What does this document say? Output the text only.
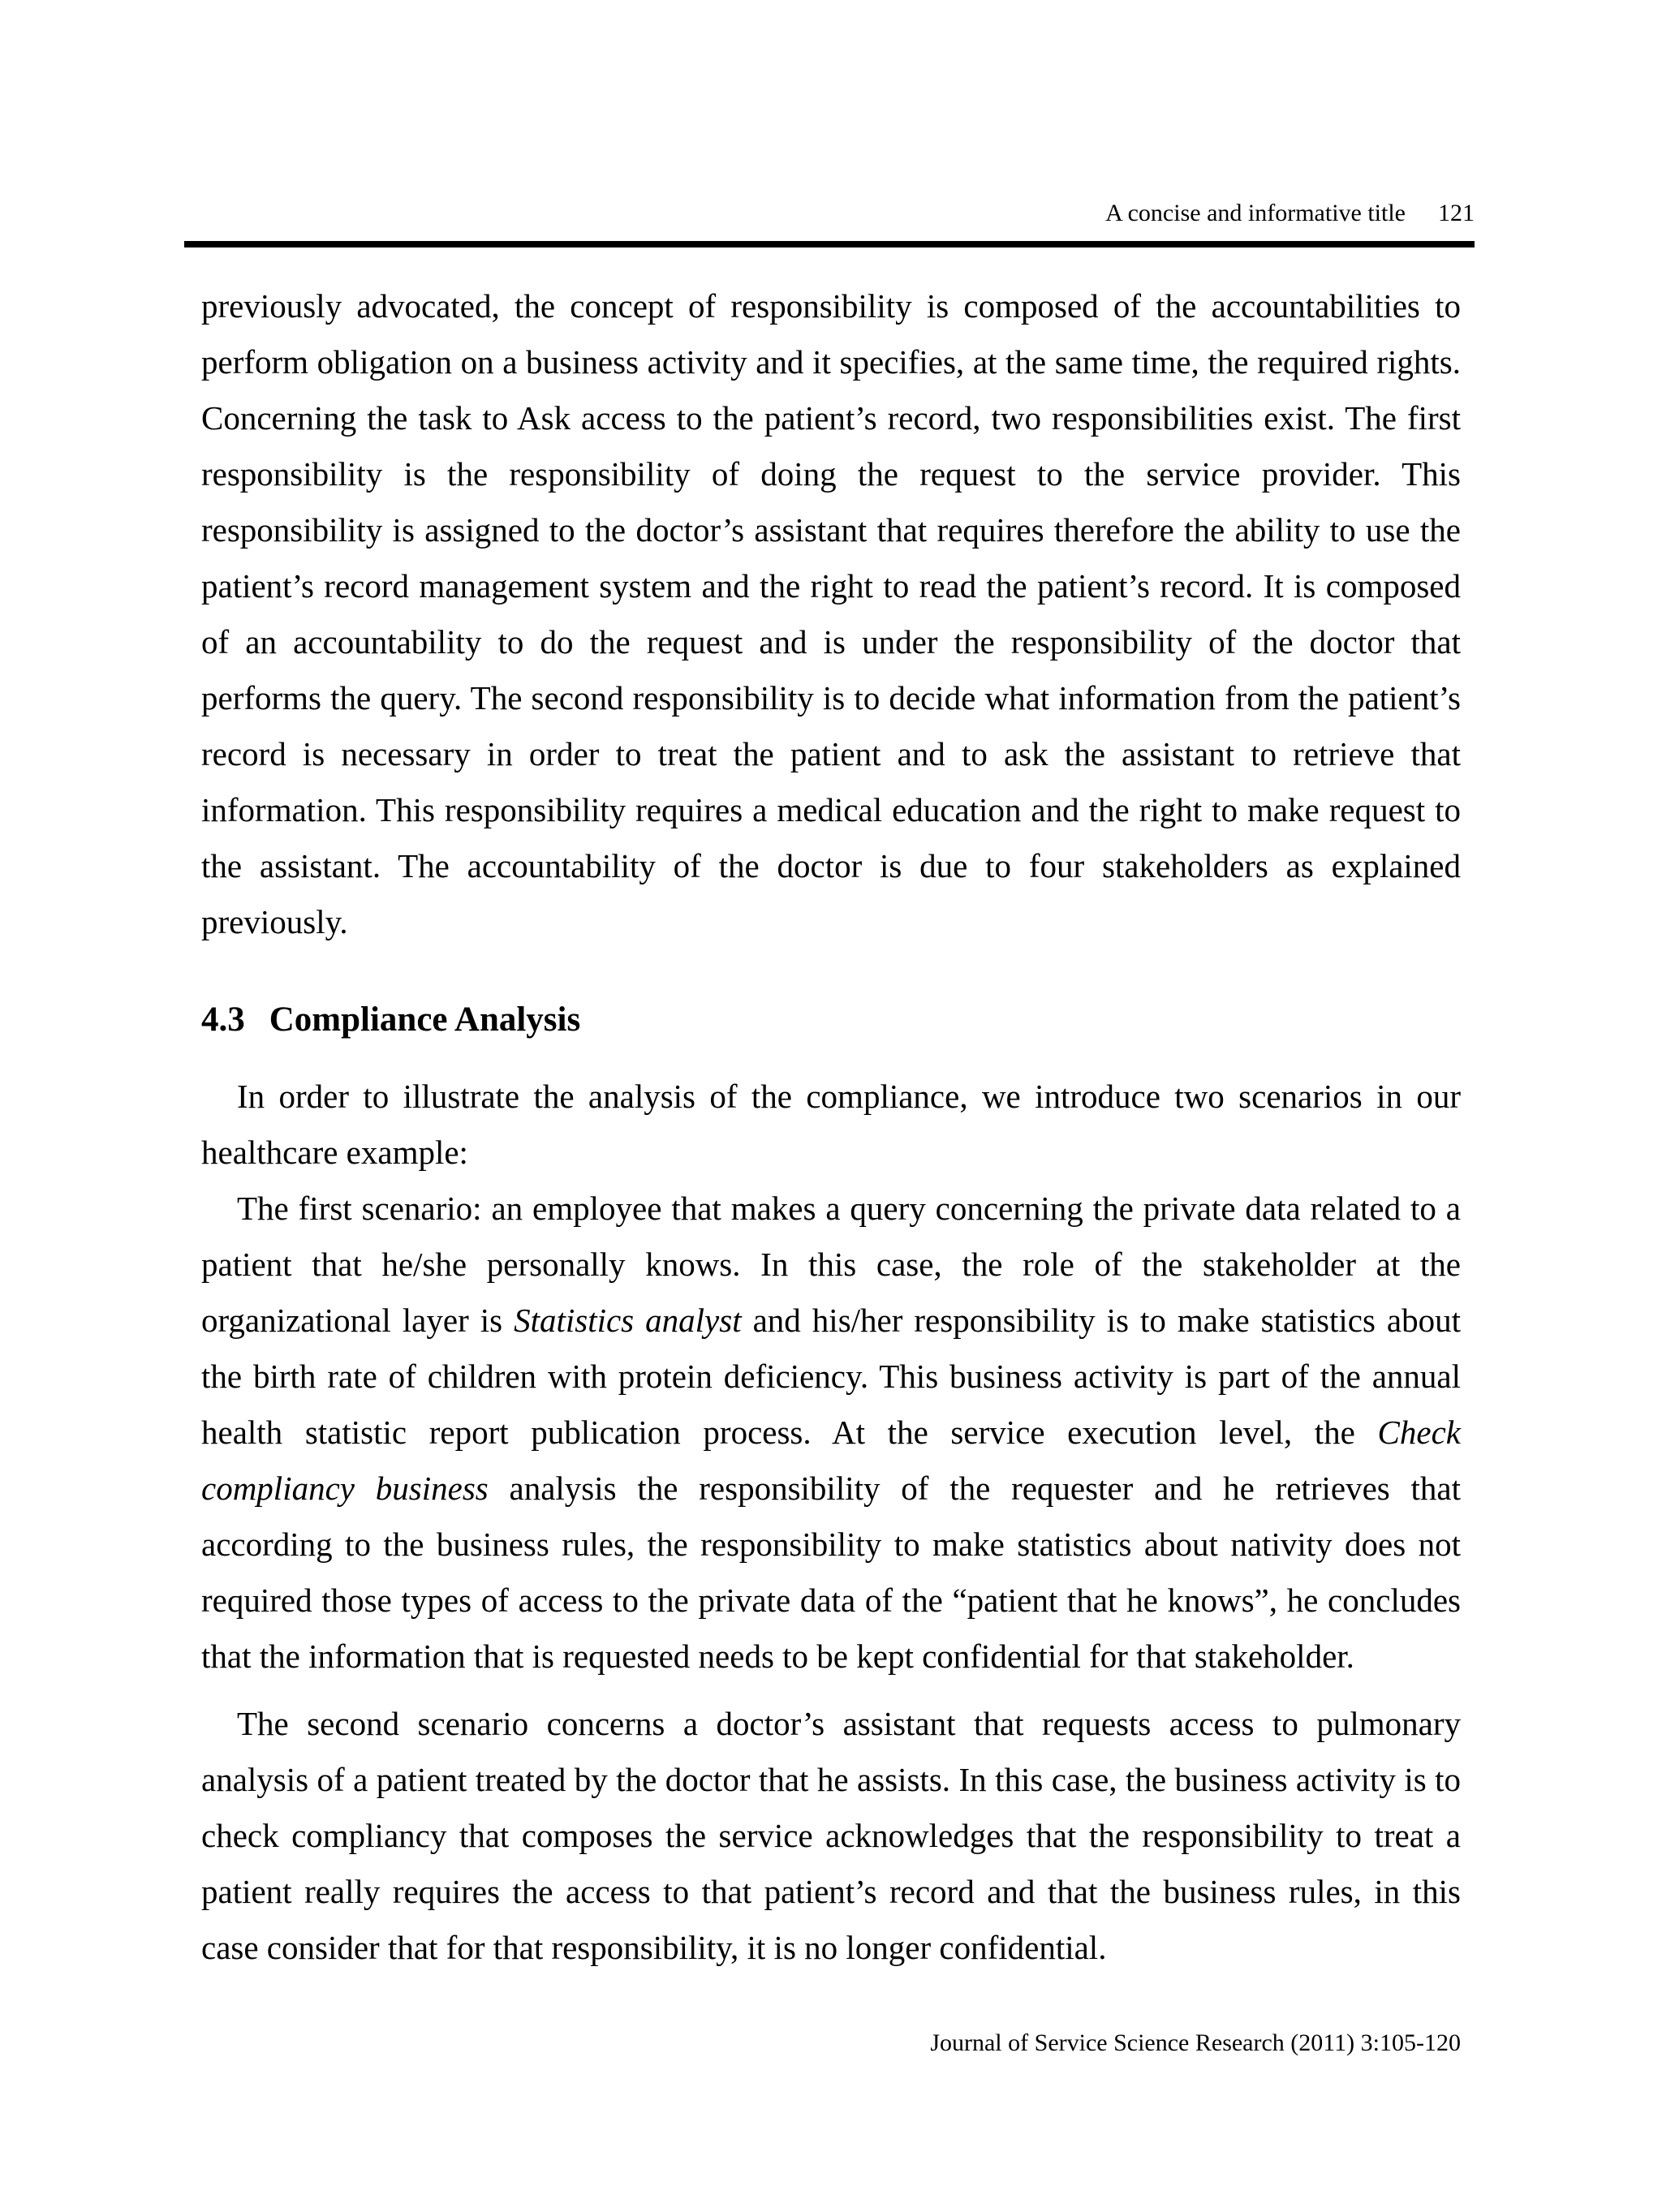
A concise and informative title 121

previously advocated, the concept of responsibility is composed of the accountabilities to perform obligation on a business activity and it specifies, at the same time, the required rights. Concerning the task to Ask access to the patient’s record, two responsibilities exist. The first responsibility is the responsibility of doing the request to the service provider. This responsibility is assigned to the doctor’s assistant that requires therefore the ability to use the patient’s record management system and the right to read the patient’s record. It is composed of an accountability to do the request and is under the responsibility of the doctor that performs the query. The second responsibility is to decide what information from the patient’s record is necessary in order to treat the patient and to ask the assistant to retrieve that information. This responsibility requires a medical education and the right to make request to the assistant. The accountability of the doctor is due to four stakeholders as explained previously.

4.3 Compliance Analysis

In order to illustrate the analysis of the compliance, we introduce two scenarios in our healthcare example:

The first scenario: an employee that makes a query concerning the private data related to a patient that he/she personally knows. In this case, the role of the stakeholder at the organizational layer is Statistics analyst and his/her responsibility is to make statistics about the birth rate of children with protein deficiency. This business activity is part of the annual health statistic report publication process. At the service execution level, the Check compliancy business analysis the responsibility of the requester and he retrieves that according to the business rules, the responsibility to make statistics about nativity does not required those types of access to the private data of the “patient that he knows”, he concludes that the information that is requested needs to be kept confidential for that stakeholder.

The second scenario concerns a doctor’s assistant that requests access to pulmonary analysis of a patient treated by the doctor that he assists. In this case, the business activity is to check compliancy that composes the service acknowledges that the responsibility to treat a patient really requires the access to that patient’s record and that the business rules, in this case consider that for that responsibility, it is no longer confidential.

Journal of Service Science Research (2011) 3:105-120
